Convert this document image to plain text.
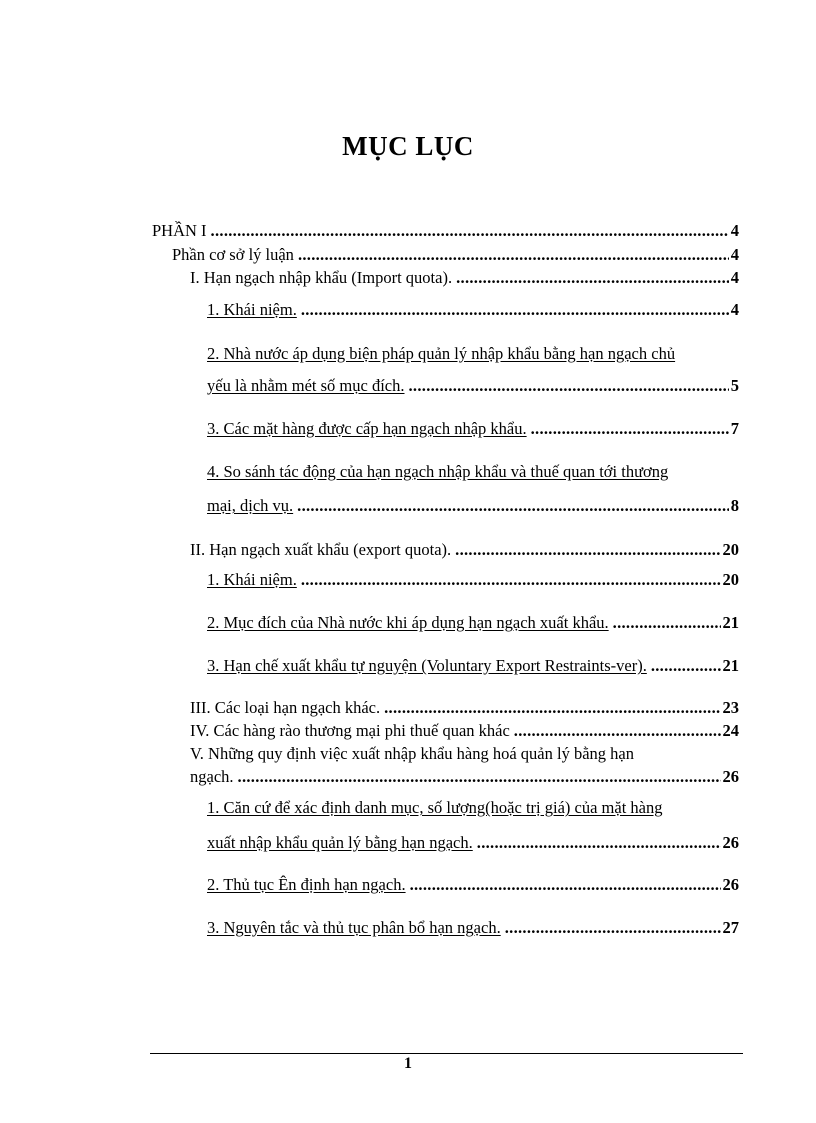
MỤC LỤC
PHẦN I .....	4
Phần cơ sở lý luận .....	4
I. Hạn ngạch nhập khẩu (Import quota). .....	4
1. Khái niệm. .....	4
2. Nhà nước áp dụng biện pháp quản lý nhập khẩu bằng hạn ngạch chủ
yếu là nhằm mét số mục đích. .....	5
3. Các mặt hàng được cấp hạn ngạch nhập khẩu. .....	7
4. So sánh tác động của hạn ngạch nhập khẩu và thuế quan tới thương
mại, dịch vụ. .....	8
II. Hạn ngạch xuất khẩu (export quota). .....	20
1. Khái niệm. .....	20
2. Mục đích của Nhà nước khi áp dụng hạn ngạch xuất khẩu. .....	21
3. Hạn chế xuất khẩu tự nguyện (Voluntary Export Restraints-ver). .....	21
III. Các loại hạn ngạch khác. .....	23
IV. Các hàng rào thương mại phi thuế quan khác .....	24
V. Những quy định việc xuất nhập khẩu hàng hoá quản lý bằng hạn
ngạch. .....	26
1. Căn cứ để xác định danh mục, số lượng(hoặc trị giá) của mặt hàng
xuất nhập khẩu quản lý bằng hạn ngạch. .....	26
2. Thủ tục Ên định hạn ngạch. .....	26
3. Nguyên tắc và thủ tục phân bổ hạn ngạch. .....	27
1
